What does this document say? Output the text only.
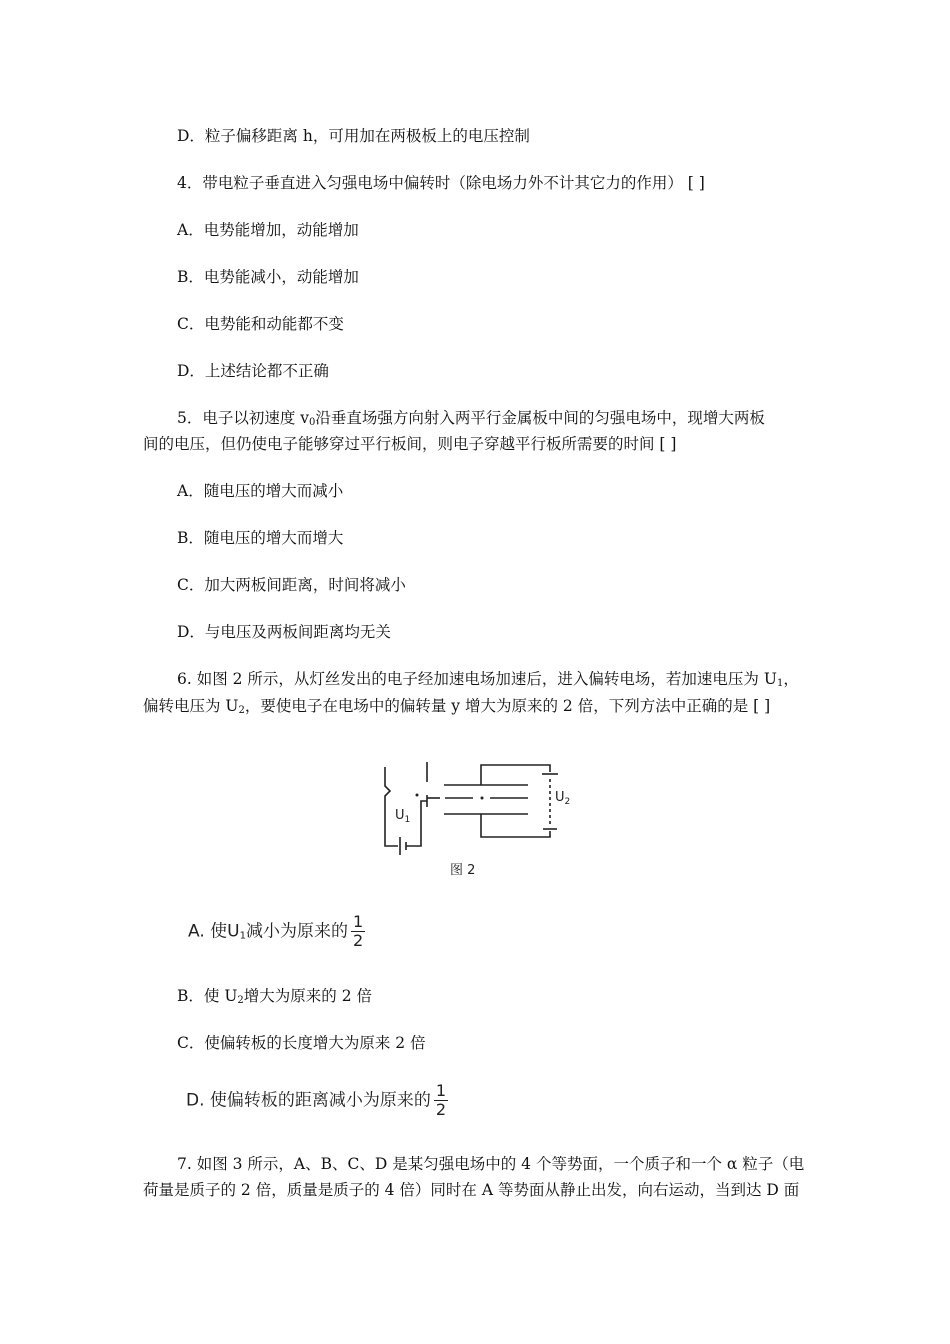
D．粒子偏移距离 h，可用加在两极板上的电压控制
4．带电粒子垂直进入匀强电场中偏转时（除电场力外不计其它力的作用） [ ]
A．电势能增加，动能增加
B．电势能减小，动能增加
C．电势能和动能都不变
D．上述结论都不正确
5．电子以初速度 $v_0$沿垂直场强方向射入两平行金属板中间的匀强电场中，现增大两板
间的电压，但仍使电子能够穿过平行板间，则电子穿越平行板所需要的时间 [ ]
A．随电压的增大而减小
B．随电压的增大而增大
C．加大两板间距离，时间将减小
D．与电压及两板间距离均无关
6. 如图 2 所示，从灯丝发出的电子经加速电场加速后，进入偏转电场，若加速电压为 $U_1$，
偏转电压为 $U_2$，要使电子在电场中的偏转量 y 增大为原来的 2 倍，下列方法中正确的是 [ ]
$U_1$
$U_2$
图 2
A. 使$U_1$减小为原来的 $\frac{1}{2}$
B．使 $U_2$增大为原来的 2 倍
C．使偏转板的长度增大为原来 2 倍
D. 使偏转板的距离减小为原来的 $\frac{1}{2}$
7. 如图 3 所示，A、B、C、D 是某匀强电场中的 4 个等势面，一个质子和一个 α 粒子（电
荷量是质子的 2 倍，质量是质子的 4 倍）同时在 A 等势面从静止出发，向右运动，当到达 D 面
